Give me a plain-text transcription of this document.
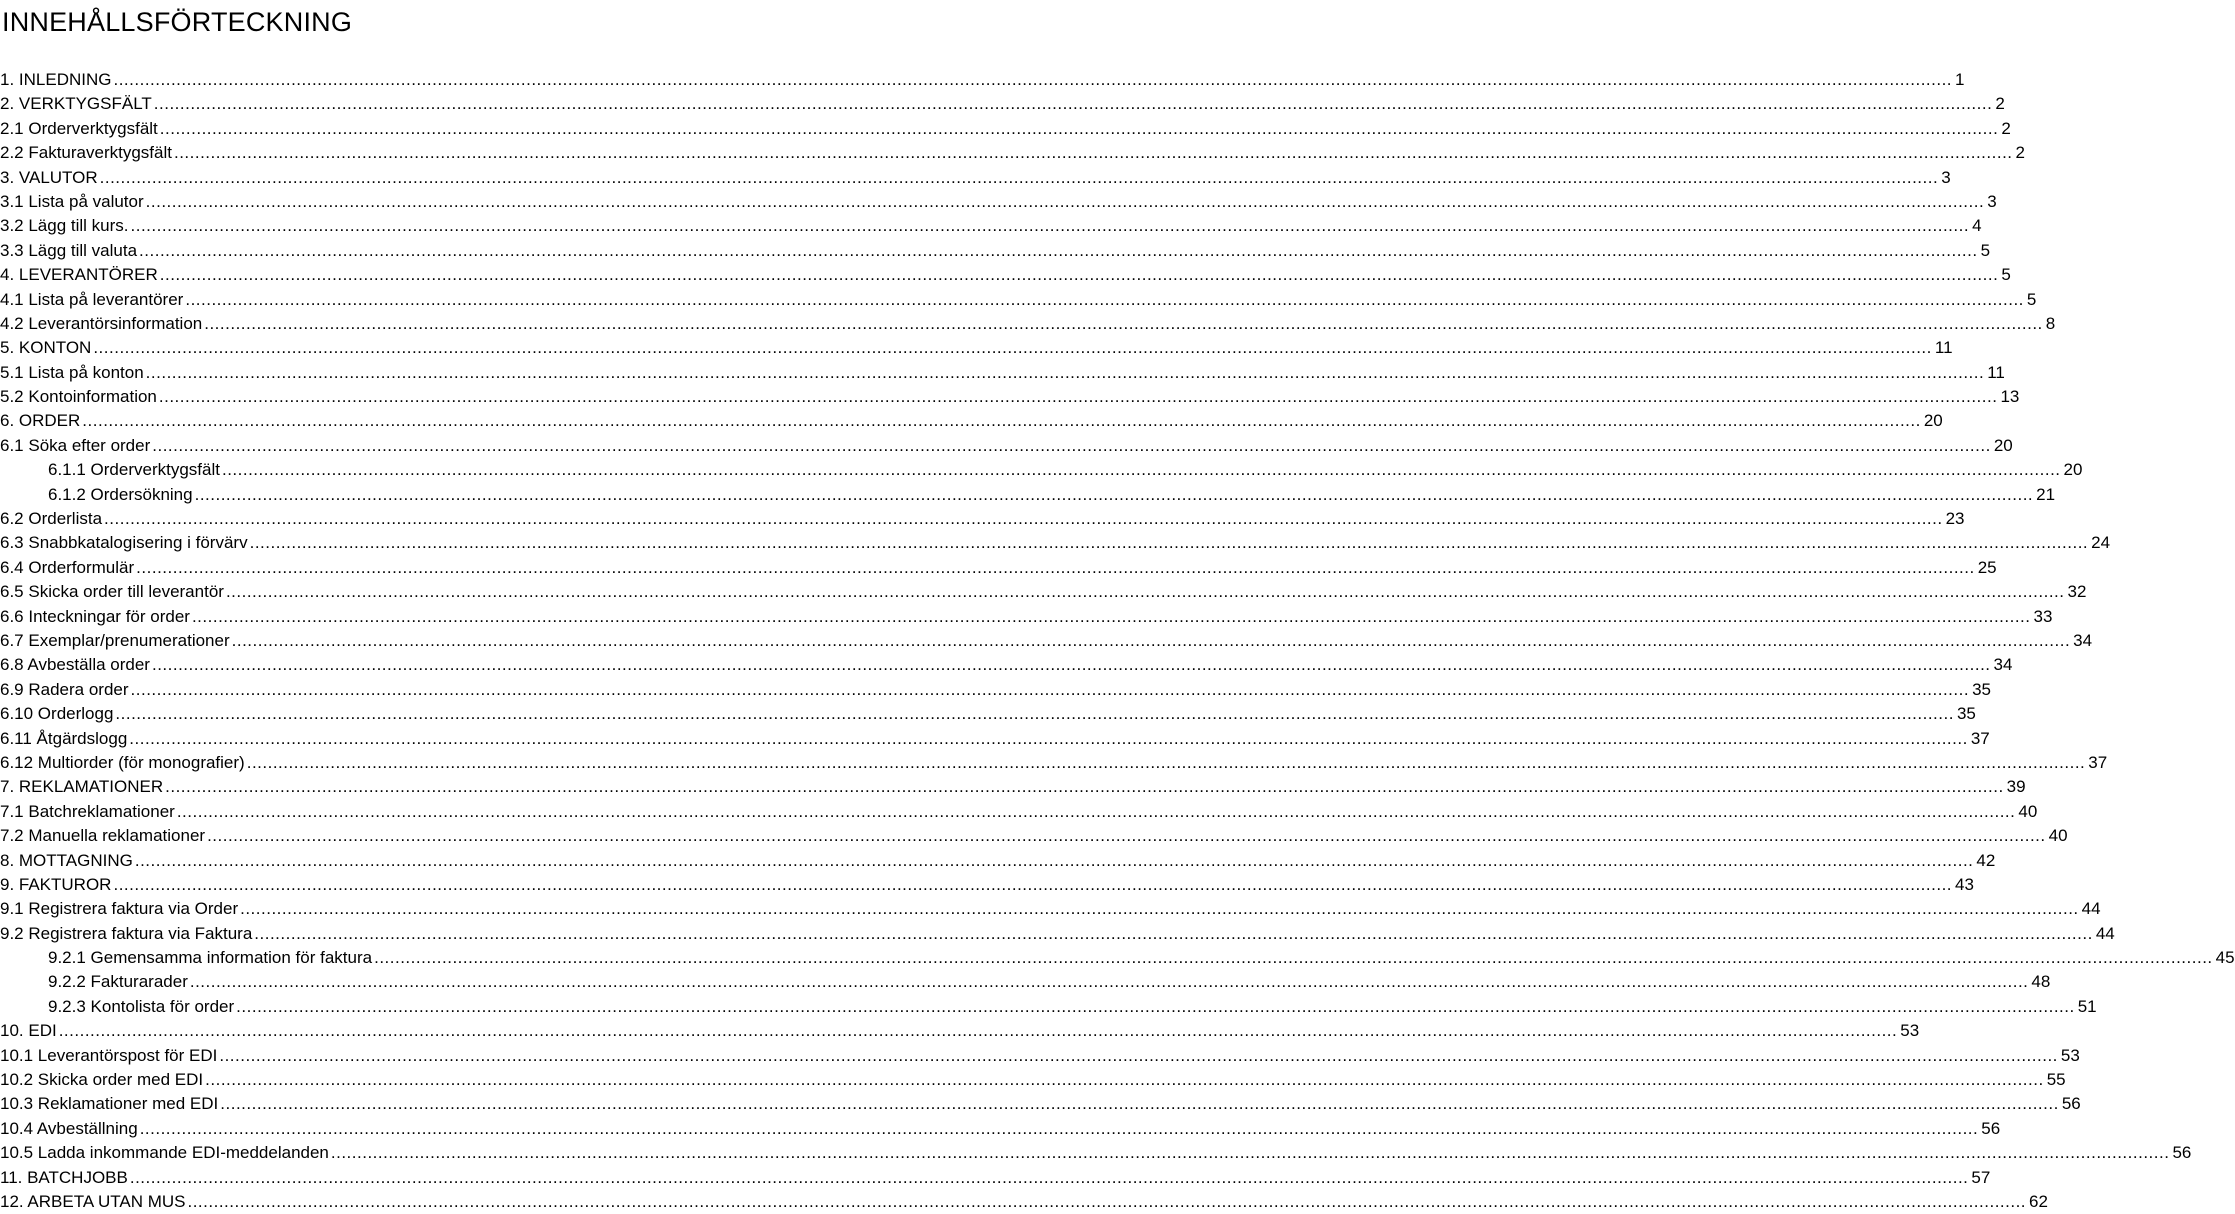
INNEHÅLLSFÖRTECKNING
1. INLEDNING .....	1
2. VERKTYGSFÄLT .....	2
2.1 Orderverktygsfält .....	2
2.2 Fakturaverktygsfält .....	2
3. VALUTOR .....	3
3.1 Lista på valutor .....	3
3.2 Lägg till kurs. .....	4
3.3 Lägg till valuta .....	5
4. LEVERANTÖRER .....	5
4.1 Lista på leverantörer .....	5
4.2 Leverantörsinformation .....	8
5. KONTON .....	11
5.1 Lista på konton .....	11
5.2 Kontoinformation .....	13
6. ORDER .....	20
6.1 Söka efter order .....	20
6.1.1 Orderverktygsfält .....	20
6.1.2 Ordersökning .....	21
6.2 Orderlista .....	23
6.3 Snabbkatalogisering i förvärv .....	24
6.4 Orderformulär .....	25
6.5 Skicka order till leverantör .....	32
6.6 Inteckningar för order .....	33
6.7 Exemplar/prenumerationer .....	34
6.8 Avbeställa order .....	34
6.9 Radera order .....	35
6.10 Orderlogg .....	35
6.11 Åtgärdslogg .....	37
6.12 Multiorder (för monografier) .....	37
7. REKLAMATIONER .....	39
7.1 Batchreklamationer .....	40
7.2 Manuella reklamationer .....	40
8. MOTTAGNING .....	42
9. FAKTUROR .....	43
9.1 Registrera faktura via Order .....	44
9.2 Registrera faktura via Faktura .....	44
9.2.1 Gemensamma information för faktura .....	45
9.2.2 Fakturarader .....	48
9.2.3 Kontolista för order .....	51
10. EDI .....	53
10.1 Leverantörspost för EDI .....	53
10.2 Skicka order med EDI .....	55
10.3 Reklamationer med EDI .....	56
10.4 Avbeställning .....	56
10.5 Ladda inkommande EDI-meddelanden .....	56
11. BATCHJOBB .....	57
12. ARBETA UTAN MUS .....	62
